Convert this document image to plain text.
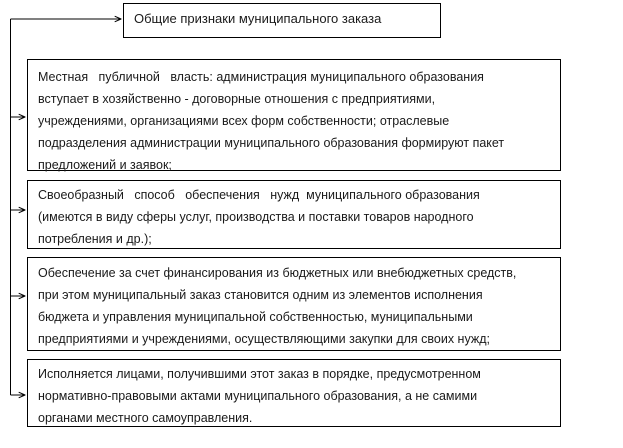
Общие признаки муниципального заказа

Местная   публичной   власть: администрация муниципального образования

вступает в хозяйственно - договорные отношения с предприятиями,

учреждениями, организациями всех форм собственности; отраслевые

подразделения администрации муниципального образования формируют пакет

предложений и заявок;

Своеобразный   способ   обеспечения   нужд  муниципального образования

(имеются в виду сферы услуг, производства и поставки товаров народного

потребления и др.);

Обеспечение за счет финансирования из бюджетных или внебюджетных средств,

при этом муниципальный заказ становится одним из элементов исполнения

бюджета и управления муниципальной собственностью, муниципальными

предприятиями и учреждениями, осуществляющими закупки для своих нужд;

Исполняется лицами, получившими этот заказ в порядке, предусмотренном

нормативно-правовыми актами муниципального образования, а не самими

органами местного самоуправления.
